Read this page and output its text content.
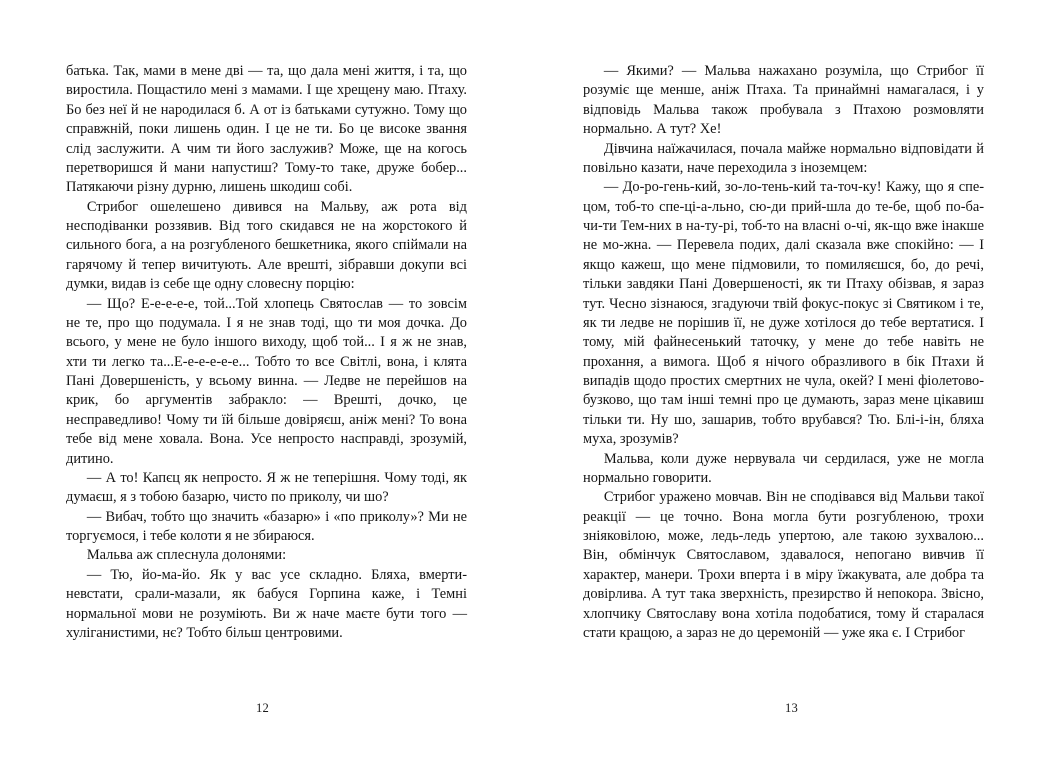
батька. Так, мами в мене дві — та, що дала мені життя, і та, що виростила. Пощастило мені з мамами. І ще хрещену маю. Птаху. Бо без неї й не народилася б. А от із батьками сутужно. Тому що справжній, поки лишень один. І це не ти. Бо це високе звання слід заслужити. А чим ти його заслужив? Може, ще на когось перетворишся й мани напустиш? Тому-то таке, друже бобер... Патякаючи різну дурню, лишень шкодиш собі.

Стрибог ошелешено дивився на Мальву, аж рота від несподіванки роззявив. Від того скидався не на жорстокого й сильного бога, а на розгубленого бешкетника, якого спіймали на гарячому й тепер вичитують. Але врешті, зібравши докупи всі думки, видав із себе ще одну словесну порцію:

— Що? Е-е-е-е-е, той...Той хлопець Святослав — то зовсім не те, про що подумала. І я не знав тоді, що ти моя дочка. До всього, у мене не було іншого виходу, щоб той... І я ж не знав, хти ти легко та...Е-е-е-е-е-е... Тобто то все Світлі, вона, і клята Пані Довершеність, у всьому винна. — Ледве не перейшов на крик, бо аргументів забракло: — Врешті, дочко, це несправедливо! Чому ти їй більше довіряєш, аніж мені? То вона тебе від мене ховала. Вона. Усе непросто насправді, зрозумій, дитино.

— А то! Капєц як непросто. Я ж не теперішня. Чому тоді, як думаєш, я з тобою базарю, чисто по приколу, чи шо?

— Вибач, тобто що значить «базарю» і «по приколу»? Ми не торгуємося, і тебе колоти я не збираюся.

Мальва аж сплеснула долонями:

— Тю, йо-ма-йо. Як у вас усе складно. Бляха, вмерти-невстати, срали-мазали, як бабуся Горпина каже, і Темні нормальної мови не розуміють. Ви ж наче маєте бути того — хуліганистими, нє? Тобто більш центровими.

12

— Якими? — Мальва нажахано розуміла, що Стрибог її розуміє ще менше, аніж Птаха. Та принаймні намагалася, і у відповідь Мальва також пробувала з Птахою розмовляти нормально. А тут? Хе!

Дівчина наїжачилася, почала майже нормально відповідати й повільно казати, наче переходила з іноземцем:

— До-ро-гень-кий, зо-ло-тень-кий та-точ-ку! Кажу, що я спе-цом, тоб-то спе-ці-а-льно, сю-ди прий-шла до те-бе, щоб по-ба-чи-ти Тем-них в на-ту-рі, тоб-то на власні о-чі, як-що вже інакше не мо-жна. — Перевела подих, далі сказала вже спокійно: — І якщо кажеш, що мене підмовили, то помиляєшся, бо, до речі, тільки завдяки Пані Довершеності, як ти Птаху обізвав, я зараз тут. Чесно зізнаюся, згадуючи твій фокус-покус зі Святиком і те, як ти ледве не порішив її, не дуже хотілося до тебе вертатися. І тому, мій файнесенький таточку, у мене до тебе навіть не прохання, а вимога. Щоб я нічого образливого в бік Птахи й випадів щодо простих смертних не чула, окей? І мені фіолетово-бузково, що там інші темні про це думають, зараз мене цікавиш тільки ти. Ну шо, зашарив, тобто врубався? Тю. Блі-і-ін, бляха муха, зрозумів?

Мальва, коли дуже нервувала чи сердилася, уже не могла нормально говорити.

Стрибог уражено мовчав. Він не сподівався від Мальви такої реакції — це точно. Вона могла бути розгубленою, трохи зніяковілою, може, ледь-ледь упертою, але такою зухвалою... Він, обмінчук Святославом, здавалося, непогано вивчив її характер, манери. Трохи вперта і в міру їжакувата, але добра та довірлива. А тут така зверхність, презирство й непокора. Звісно, хлопчику Святославу вона хотіла подобатися, тому й старалася стати кращою, а зараз не до церемоній — уже яка є. І Стрибог

13
